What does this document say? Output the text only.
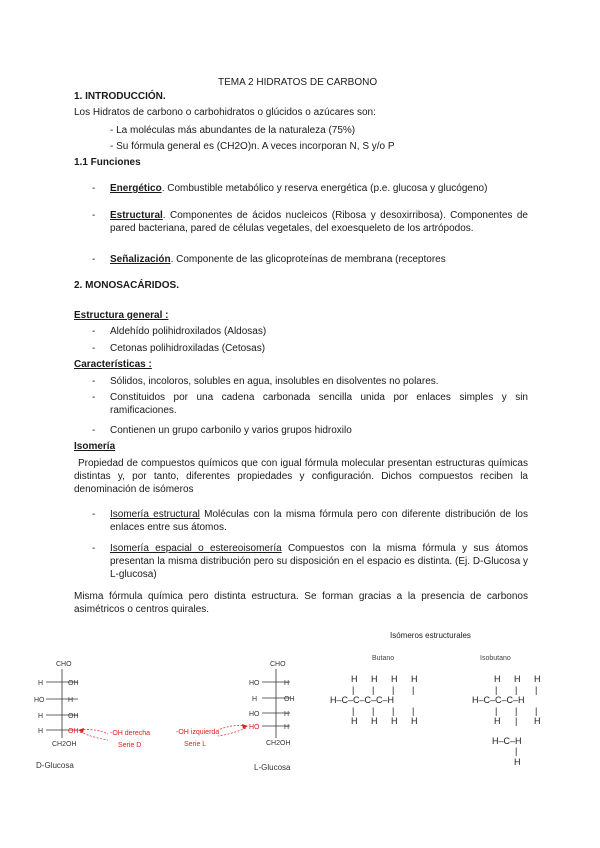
TEMA 2 HIDRATOS DE CARBONO
1. INTRODUCCIÓN.
Los Hidratos de carbono o carbohidratos o glúcidos o azúcares son:
- La moléculas más abundantes de la naturaleza (75%)
- Su fórmula general es (CH2O)n. A veces incorporan N, S y/o P
1.1 Funciones
- Energético. Combustible metabólico y reserva energética (p.e. glucosa y glucógeno)
- Estructural. Componentes de ácidos nucleicos (Ribosa y desoxirribosa). Componentes de pared bacteriana, pared de células vegetales, del exoesqueleto de los artrópodos.
- Señalización. Componente de las glicoproteínas de membrana (receptores
2. MONOSACÁRIDOS.
Estructura general :
- Aldehído polihidroxilados (Aldosas)
- Cetonas polihidroxiladas (Cetosas)
Características :
- Sólidos, incoloros, solubles en agua, insolubles en disolventes no polares.
- Constituidos por una cadena carbonada sencilla unida por enlaces simples y sin ramificaciones.
- Contienen un grupo carbonilo y varios grupos hidroxilo
Isomería
Propiedad de compuestos químicos que con igual fórmula molecular presentan estructuras químicas distintas y, por tanto, diferentes propiedades y configuración. Dichos compuestos reciben la denominación de isómeros
- Isomería estructural Moléculas con la misma fórmula pero con diferente distribución de los enlaces entre sus átomos.
- Isomería espacial o estereoisomería Compuestos con la misma fórmula y sus átomos presentan la misma distribución pero su disposición en el espacio es distinta. (Ej. D-Glucosa y L-glucosa)
Misma fórmula química pero distinta estructura. Se forman gracias a la presencia de carbonos asimétricos o centros quirales.
CHO
H	OH
HO	H
H	OH
H	OH
CH2OH
D-Glucosa
-OH derecha
Serie D
CHO
HO	H
H	OH
HO	H
HO	H
CH2OH
L-Glucosa
-OH izquierda
Serie L
Isómeros estructurales
Butano	Isobutano
H H H H
| | | |
H–C–C–C–C–H
| | | |
H H H H
H H H
| | |
H–C–C–C–H
| | |
H	H
|
H–C–H
|
H
